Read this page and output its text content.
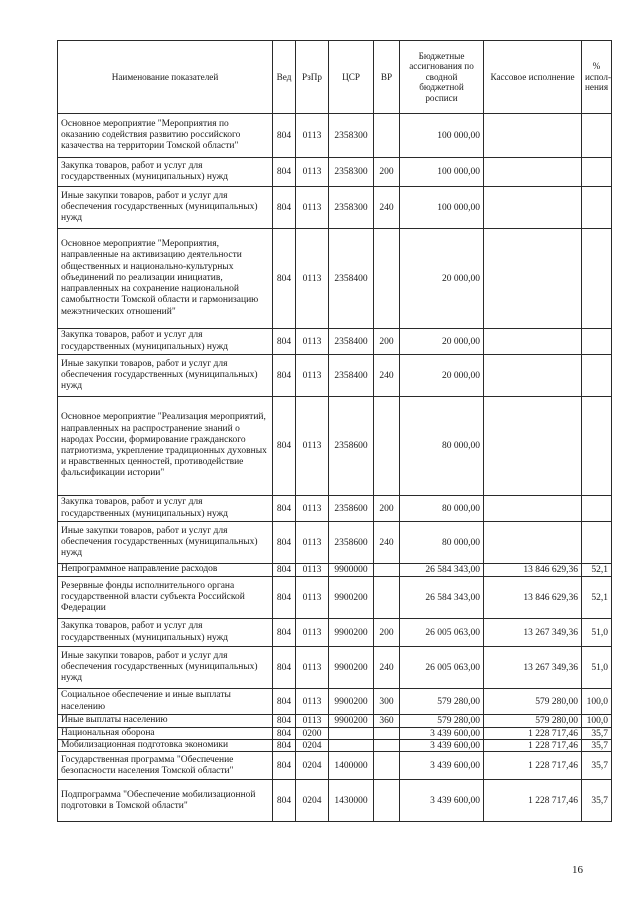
Наименование показателей	Вед	РзПр	ЦСР	ВР	Бюджетные ассигнования по сводной бюджетной росписи	Кассовое исполнение	% испол-нения
Основное мероприятие "Мероприятия по оказанию содействия развитию российского казачества на территории Томской области"	804	0113	2358300		100 000,00		
Закупка товаров, работ и услуг для государственных (муниципальных) нужд	804	0113	2358300	200	100 000,00		
Иные закупки товаров, работ и услуг для обеспечения государственных (муниципальных) нужд	804	0113	2358300	240	100 000,00		
Основное мероприятие "Мероприятия, направленные на активизацию деятельности общественных и национально-культурных объединений по реализации инициатив, направленных на сохранение национальной самобытности Томской области и гармонизацию межэтнических отношений"	804	0113	2358400		20 000,00		
Закупка товаров, работ и услуг для государственных (муниципальных) нужд	804	0113	2358400	200	20 000,00		
Иные закупки товаров, работ и услуг для обеспечения государственных (муниципальных) нужд	804	0113	2358400	240	20 000,00		
Основное мероприятие "Реализация мероприятий, направленных на распространение знаний о народах России, формирование гражданского патриотизма, укрепление традиционных духовных и нравственных ценностей, противодействие фальсификации истории"	804	0113	2358600		80 000,00		
Закупка товаров, работ и услуг для государственных (муниципальных) нужд	804	0113	2358600	200	80 000,00		
Иные закупки товаров, работ и услуг для обеспечения государственных (муниципальных) нужд	804	0113	2358600	240	80 000,00		
Непрограммное направление расходов	804	0113	9900000		26 584 343,00	13 846 629,36	52,1
Резервные фонды исполнительного органа государственной власти субъекта Российской Федерации	804	0113	9900200		26 584 343,00	13 846 629,36	52,1
Закупка товаров, работ и услуг для государственных (муниципальных) нужд	804	0113	9900200	200	26 005 063,00	13 267 349,36	51,0
Иные закупки товаров, работ и услуг для обеспечения государственных (муниципальных) нужд	804	0113	9900200	240	26 005 063,00	13 267 349,36	51,0
Социальное обеспечение и иные выплаты населению	804	0113	9900200	300	579 280,00	579 280,00	100,0
Иные выплаты населению	804	0113	9900200	360	579 280,00	579 280,00	100,0
Национальная оборона	804	0200			3 439 600,00	1 228 717,46	35,7
Мобилизационная подготовка экономики	804	0204			3 439 600,00	1 228 717,46	35,7
Государственная программа "Обеспечение безопасности населения Томской области"	804	0204	1400000		3 439 600,00	1 228 717,46	35,7
Подпрограмма "Обеспечение мобилизационной подготовки в Томской области"	804	0204	1430000		3 439 600,00	1 228 717,46	35,7
16
